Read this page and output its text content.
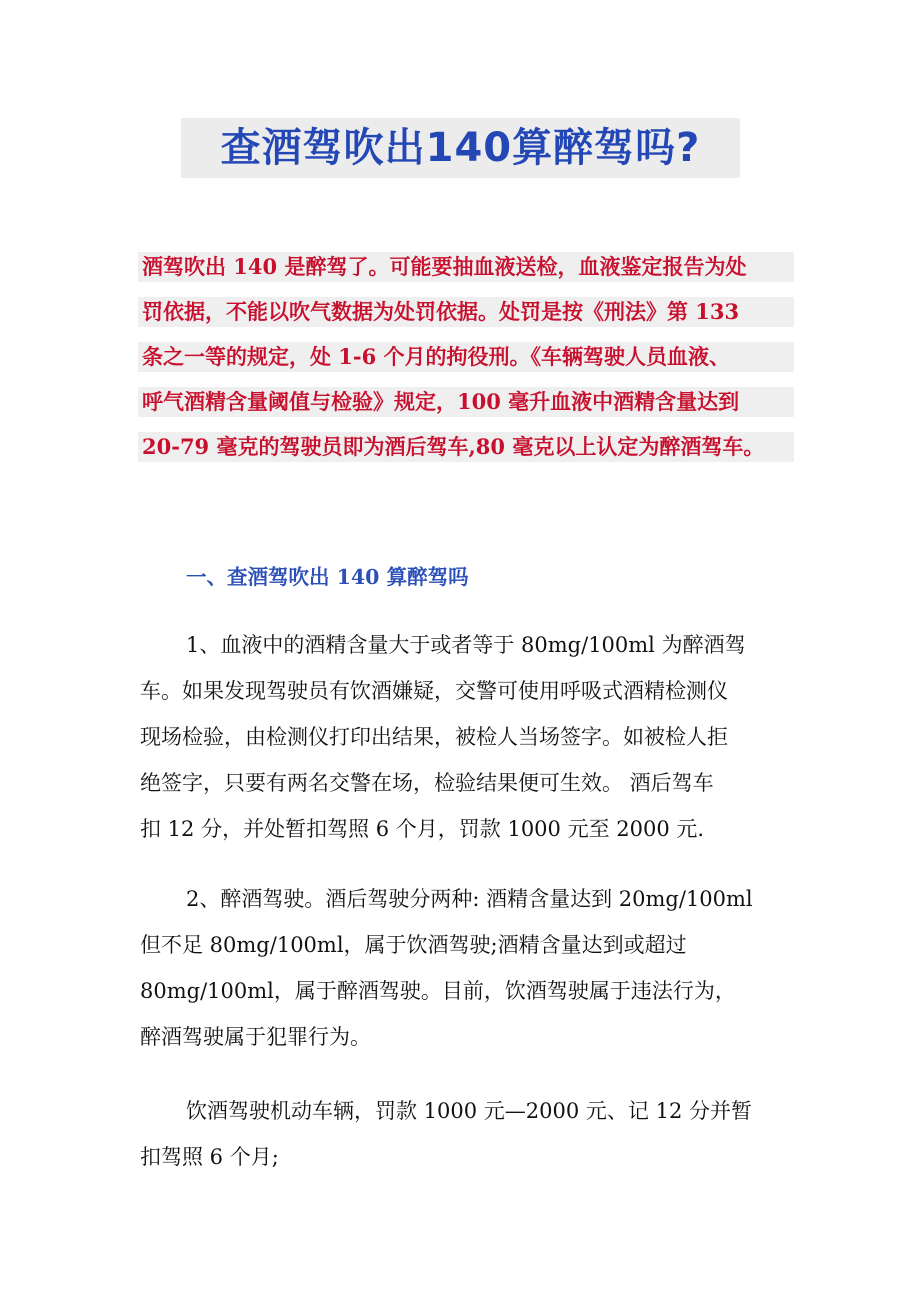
查酒驾吹出140算醉驾吗?
酒驾吹出 140 是醉驾了。可能要抽血液送检，血液鉴定报告为处
罚依据，不能以吹气数据为处罚依据。处罚是按《刑法》第 133
条之一等的规定，处 1-6 个月的拘役刑。《车辆驾驶人员血液、
呼气酒精含量阈值与检验》规定，100 毫升血液中酒精含量达到
20-79 毫克的驾驶员即为酒后驾车,80 毫克以上认定为醉酒驾车。
一、查酒驾吹出 140 算醉驾吗
1、血液中的酒精含量大于或者等于 80mg/100ml 为醉酒驾
车。如果发现驾驶员有饮酒嫌疑，交警可使用呼吸式酒精检测仪
现场检验，由检测仪打印出结果，被检人当场签字。如被检人拒
绝签字，只要有两名交警在场，检验结果便可生效。 酒后驾车
扣 12 分，并处暂扣驾照 6 个月，罚款 1000 元至 2000 元.
2、醉酒驾驶。酒后驾驶分两种: 酒精含量达到 20mg/100ml
但不足 80mg/100ml，属于饮酒驾驶;酒精含量达到或超过
80mg/100ml，属于醉酒驾驶。目前，饮酒驾驶属于违法行为，
醉酒驾驶属于犯罪行为。
饮酒驾驶机动车辆，罚款 1000 元—2000 元、记 12 分并暂
扣驾照 6 个月;
